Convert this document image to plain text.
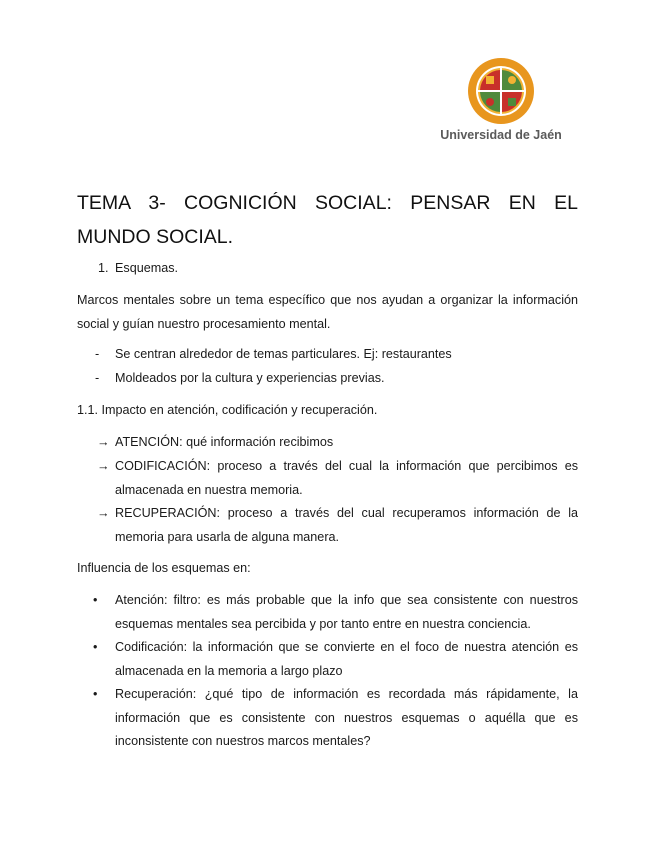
Universidad de Jaén
TEMA 3- COGNICIÓN SOCIAL: PENSAR EN EL MUNDO SOCIAL.
1. Esquemas.
Marcos mentales sobre un tema específico que nos ayudan a organizar la información social y guían nuestro procesamiento mental.
- Se centran alrededor de temas particulares. Ej: restaurantes
- Moldeados por la cultura y experiencias previas.
1.1. Impacto en atención, codificación y recuperación.
→ ATENCIÓN: qué información recibimos
→ CODIFICACIÓN: proceso a través del cual la información que percibimos es almacenada en nuestra memoria.
→ RECUPERACIÓN: proceso a través del cual recuperamos información de la memoria para usarla de alguna manera.
Influencia de los esquemas en:
• Atención: filtro: es más probable que la info que sea consistente con nuestros esquemas mentales sea percibida y por tanto entre en nuestra conciencia.
• Codificación: la información que se convierte en el foco de nuestra atención es almacenada en la memoria a largo plazo
• Recuperación: ¿qué tipo de información es recordada más rápidamente, la información que es consistente con nuestros esquemas o aquélla que es inconsistente con nuestros marcos mentales?
